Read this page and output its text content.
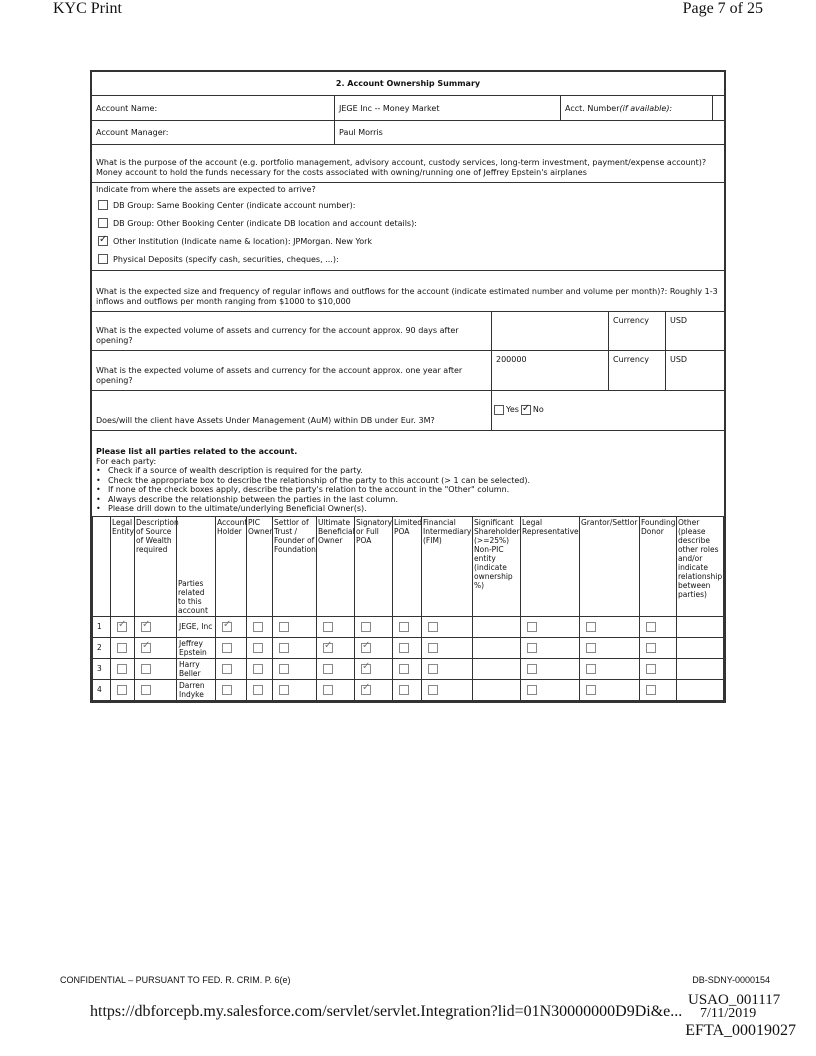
KYC Print	Page 7 of 25
2. Account Ownership Summary
Account Name:	JEGE Inc -- Money Market	Acct. Number (if available):
Account Manager:	Paul Morris
What is the purpose of the account (e.g. portfolio management, advisory account, custody services, long-term investment, payment/expense account)? Money account to hold the funds necessary for the costs associated with owning/running one of Jeffrey Epstein's airplanes
Indicate from where the assets are expected to arrive?
DB Group: Same Booking Center (indicate account number):
DB Group: Other Booking Center (indicate DB location and account details):
✓
Other Institution (Indicate name & location): JPMorgan. New York
Physical Deposits (specify cash, securities, cheques, ...):
What is the expected size and frequency of regular inflows and outflows for the account (indicate estimated number and volume per month)?: Roughly 1-3 inflows and outflows per month ranging from $1000 to $10,000
What is the expected volume of assets and currency for the account approx. 90 days after opening?
Currency	USD
What is the expected volume of assets and currency for the account approx. one year after opening?
200000	Currency	USD
Does/will the client have Assets Under Management (AuM) within DB under Eur. 3M?
Yes ✓ No
Please list all parties related to the account.
For each party:
• Check if a source of wealth description is required for the party.
• Check the appropriate box to describe the relationship of the party to this account (> 1 can be selected).
• If none of the check boxes apply, describe the party's relation to the account in the "Other" column.
• Always describe the relationship between the parties in the last column.
• Please drill down to the ultimate/underlying Beneficial Owner(s).
	Legal Entity	Description of Source of Wealth required	Parties related to this account	Account Holder	PIC Owner	Settlor of Trust / Founder of Foundation	Ultimate Beneficial Owner	Signatory or Full POA	Limited POA	Financial Intermediary (FIM)	Significant Shareholder (>=25%) Non-PIC entity (indicate ownership %)	Legal Representative	Grantor/Settlor	Founding Donor	Other (please describe other roles and/or indicate relationship between parties)
1	✓	✓	JEGE, Inc	✓											
2		✓	Jeffrey Epstein				✓	✓							
3			Harry Beller					✓							
4			Darren Indyke					✓							
CONFIDENTIAL – PURSUANT TO FED. R. CRIM. P. 6(e)	DB-SDNY-0000154
https://dbforcepb.my.salesforce.com/servlet/servlet.Integration?lid=01N30000000D9Di&e...
USAO_001117
7/11/2019
EFTA_00019027
